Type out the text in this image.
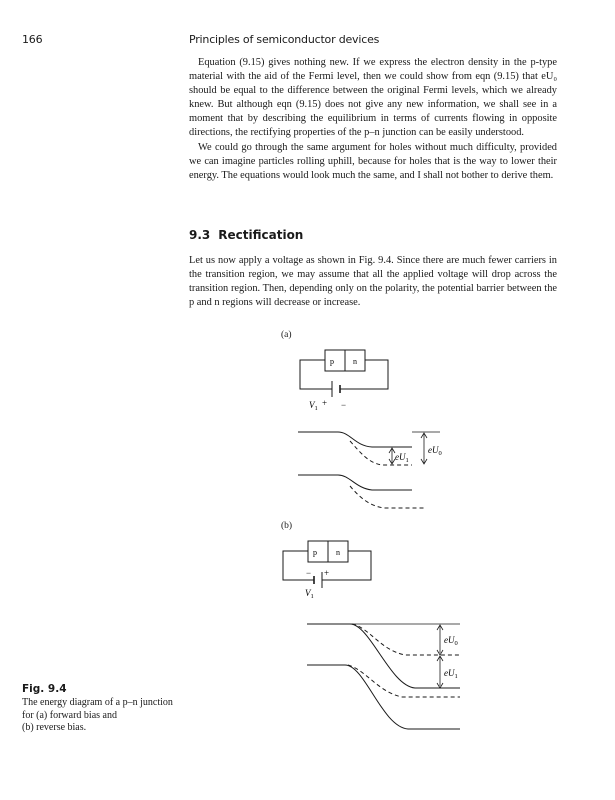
166	Principles of semiconductor devices

Equation (9.15) gives nothing new. If we express the electron density in the p-type material with the aid of the Fermi level, then we could show from eqn (9.15) that eU₀ should be equal to the difference between the original Fermi levels, which we already knew. But although eqn (9.15) does not give any new information, we shall see in a moment that by describing the equilibrium in terms of currents flowing in opposite directions, the rectifying properties of the p–n junction can be easily understood.

We could go through the same argument for holes without much difficulty, provided we can imagine particles rolling uphill, because for holes that is the way to lower their energy. The equations would look much the same, and I shall not bother to derive them.

9.3 Rectification

Let us now apply a voltage as shown in Fig. 9.4. Since there are much fewer carriers in the transition region, we may assume that all the applied voltage will drop across the transition region. Then, depending only on the polarity, the potential barrier between the p and n regions will decrease or increase.

(a)
(b)
p n
$V_1$
+ −
$eU_0$
$eU_1$
p n
− +
$V_1$
$eU_0$
$eU_1$
Fig. 9.4
The energy diagram of a p–n junction
for (a) forward bias and
(b) reverse bias.
